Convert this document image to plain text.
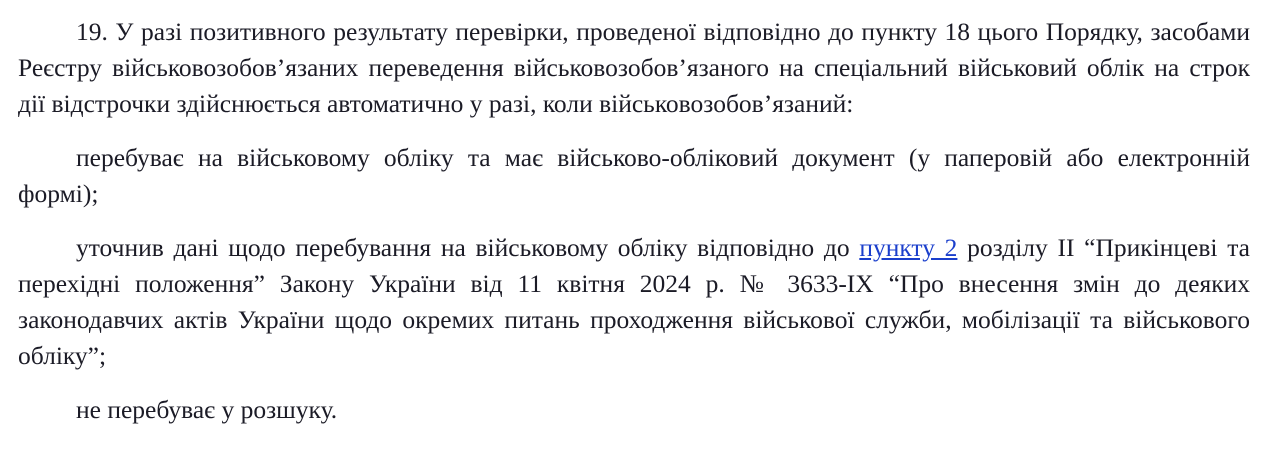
19. У разі позитивного результату перевірки, проведеної відповідно до пункту 18 цього Порядку, засобами Реєстру військовозобов’язаних переведення військовозобов’язаного на спеціальний військовий облік на строк дії відстрочки здійснюється автоматично у разі, коли військовозобов’язаний:

перебуває на військовому обліку та має військово-обліковий документ (у паперовій або електронній формі);

уточнив дані щодо перебування на військовому обліку відповідно до пункту 2 розділу II “Прикінцеві та перехідні положення” Закону України від 11 квітня 2024 р. № 3633-IX “Про внесення змін до деяких законодавчих актів України щодо окремих питань проходження військової служби, мобілізації та військового обліку”;

не перебуває у розшуку.
